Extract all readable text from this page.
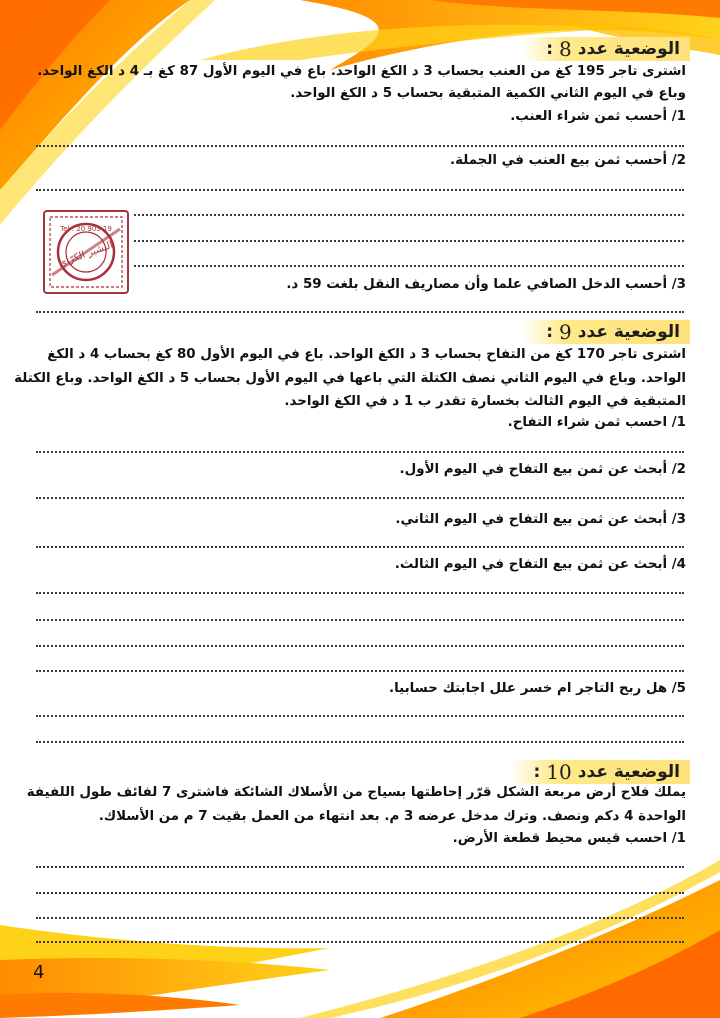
الوضعية عدد
8
:
اشترى تاجر 195 كغ من العنب بحساب 3 د الكغ الواحد. باع في اليوم الأول 87 كغ بـ 4 د الكغ الواحد.
وباع في اليوم الثاني الكمية المتبقية بحساب 5 د الكغ الواحد.
1/ أحسب ثمن شراء العنب.
2/ أحسب ثمن بيع العنب في الجملة.
3/ أحسب الدخل الصافي علما وأن مصاريف النقل بلغت 59 د.
Tel : 20 903 19
البشير الكرّاي
الوضعية عدد
9
:
اشترى تاجر 170 كغ من التفاح بحساب 3 د الكغ الواحد. باع في اليوم الأول 80 كغ بحساب 4 د الكغ
الواحد. وباع في اليوم الثاني نصف الكتلة التي باعها في اليوم الأول بحساب 5 د الكغ الواحد. وباع الكتلة
المتبقية في اليوم الثالث بخسارة تقدر ب 1 د في الكغ الواحد.
1/ احسب ثمن شراء التفاح.
2/ أبحث عن ثمن بيع التفاح في اليوم الأول.
3/ أبحث عن ثمن بيع التفاح في اليوم الثاني.
4/ أبحث عن ثمن بيع التفاح في اليوم الثالث.
5/ هل ربح التاجر ام خسر علل اجابتك حسابيا.
الوضعية عدد
10
:
يملك فلاح أرض مربعة الشكل قرّر إحاطتها بسياج من الأسلاك الشائكة فاشترى 7 لفائف طول اللفيفة
الواحدة 4 دكم ونصف. وترك مدخل عرضه 3 م. بعد انتهاء من العمل بقيت 7 م من الأسلاك.
1/ احسب قيس محيط قطعة الأرض.
4
